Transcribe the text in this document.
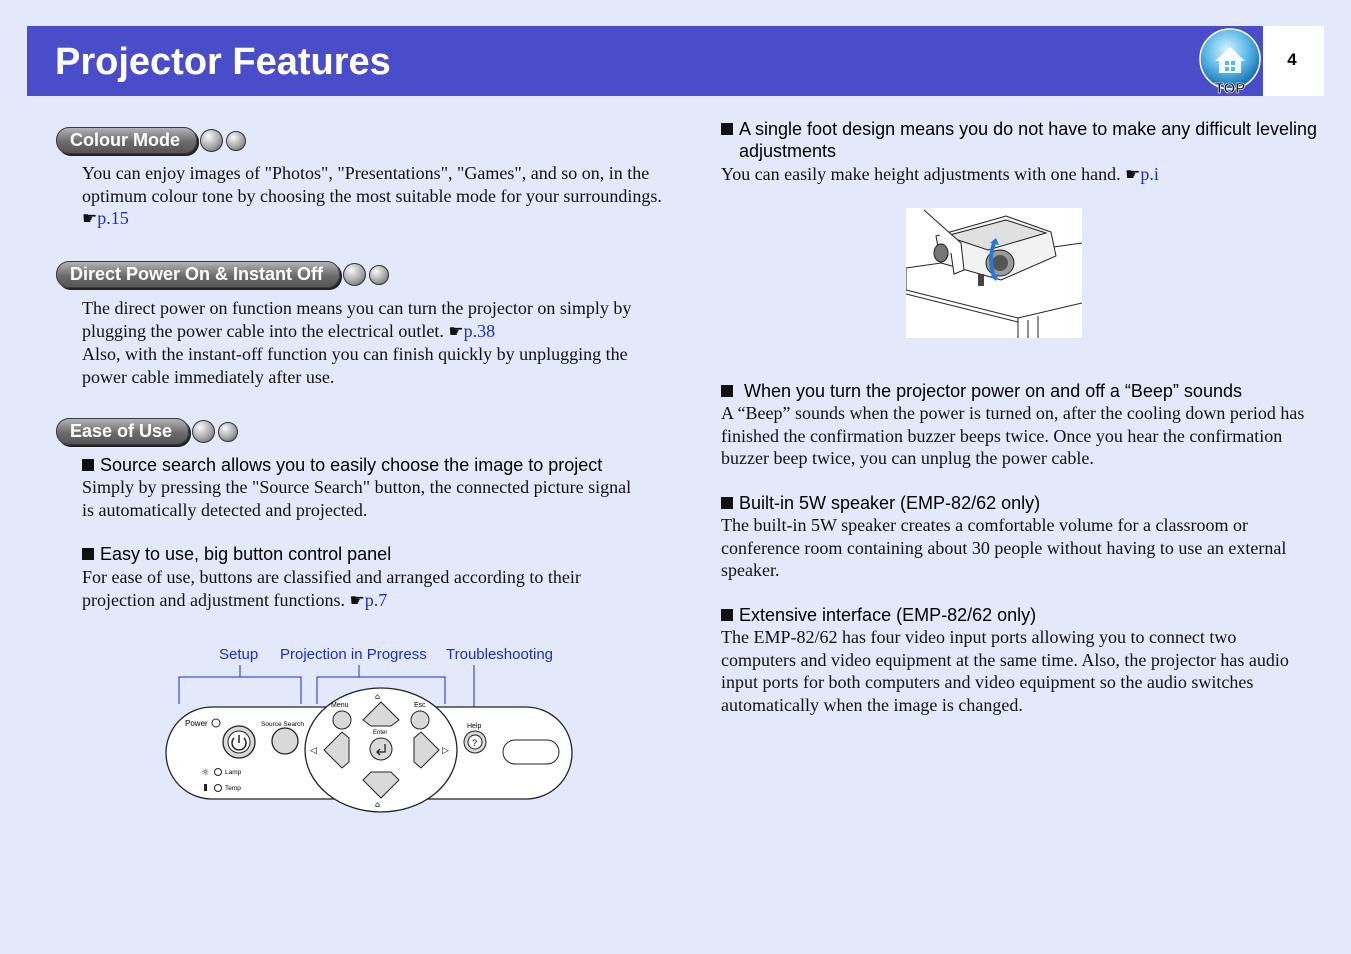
Projector Features
TOP
4
Colour Mode

You can enjoy images of "Photos", "Presentations", "Games", and so on, in the optimum colour tone by choosing the most suitable mode for your surroundings. ☛p.15

Direct Power On & Instant Off

The direct power on function means you can turn the projector on simply by plugging the power cable into the electrical outlet. ☛p.38
Also, with the instant-off function you can finish quickly by unplugging the power cable immediately after use.

Ease of Use

Source search allows you to easily choose the image to project

Simply by pressing the "Source Search" button, the connected picture signal is automatically detected and projected.

Easy to use, big button control panel

For ease of use, buttons are classified and arranged according to their projection and adjustment functions. ☛p.7

Setup Projection in Progress Troubleshooting
Power	Source Search
☼ Lamp
Temp
Menu	Esc
Enter
⌂
⌂
◁	▷
?
Help

A single foot design means you do not have to make any difficult leveling adjustments

You can easily make height adjustments with one hand. ☛p.i

When you turn the projector power on and off a “Beep” sounds

A “Beep” sounds when the power is turned on, after the cooling down period has finished the confirmation buzzer beeps twice. Once you hear the confirmation buzzer beep twice, you can unplug the power cable.

Built-in 5W speaker (EMP-82/62 only)

The built-in 5W speaker creates a comfortable volume for a classroom or conference room containing about 30 people without having to use an external speaker.

Extensive interface (EMP-82/62 only)

The EMP-82/62 has four video input ports allowing you to connect two computers and video equipment at the same time. Also, the projector has audio input ports for both computers and video equipment so the audio switches automatically when the image is changed.
